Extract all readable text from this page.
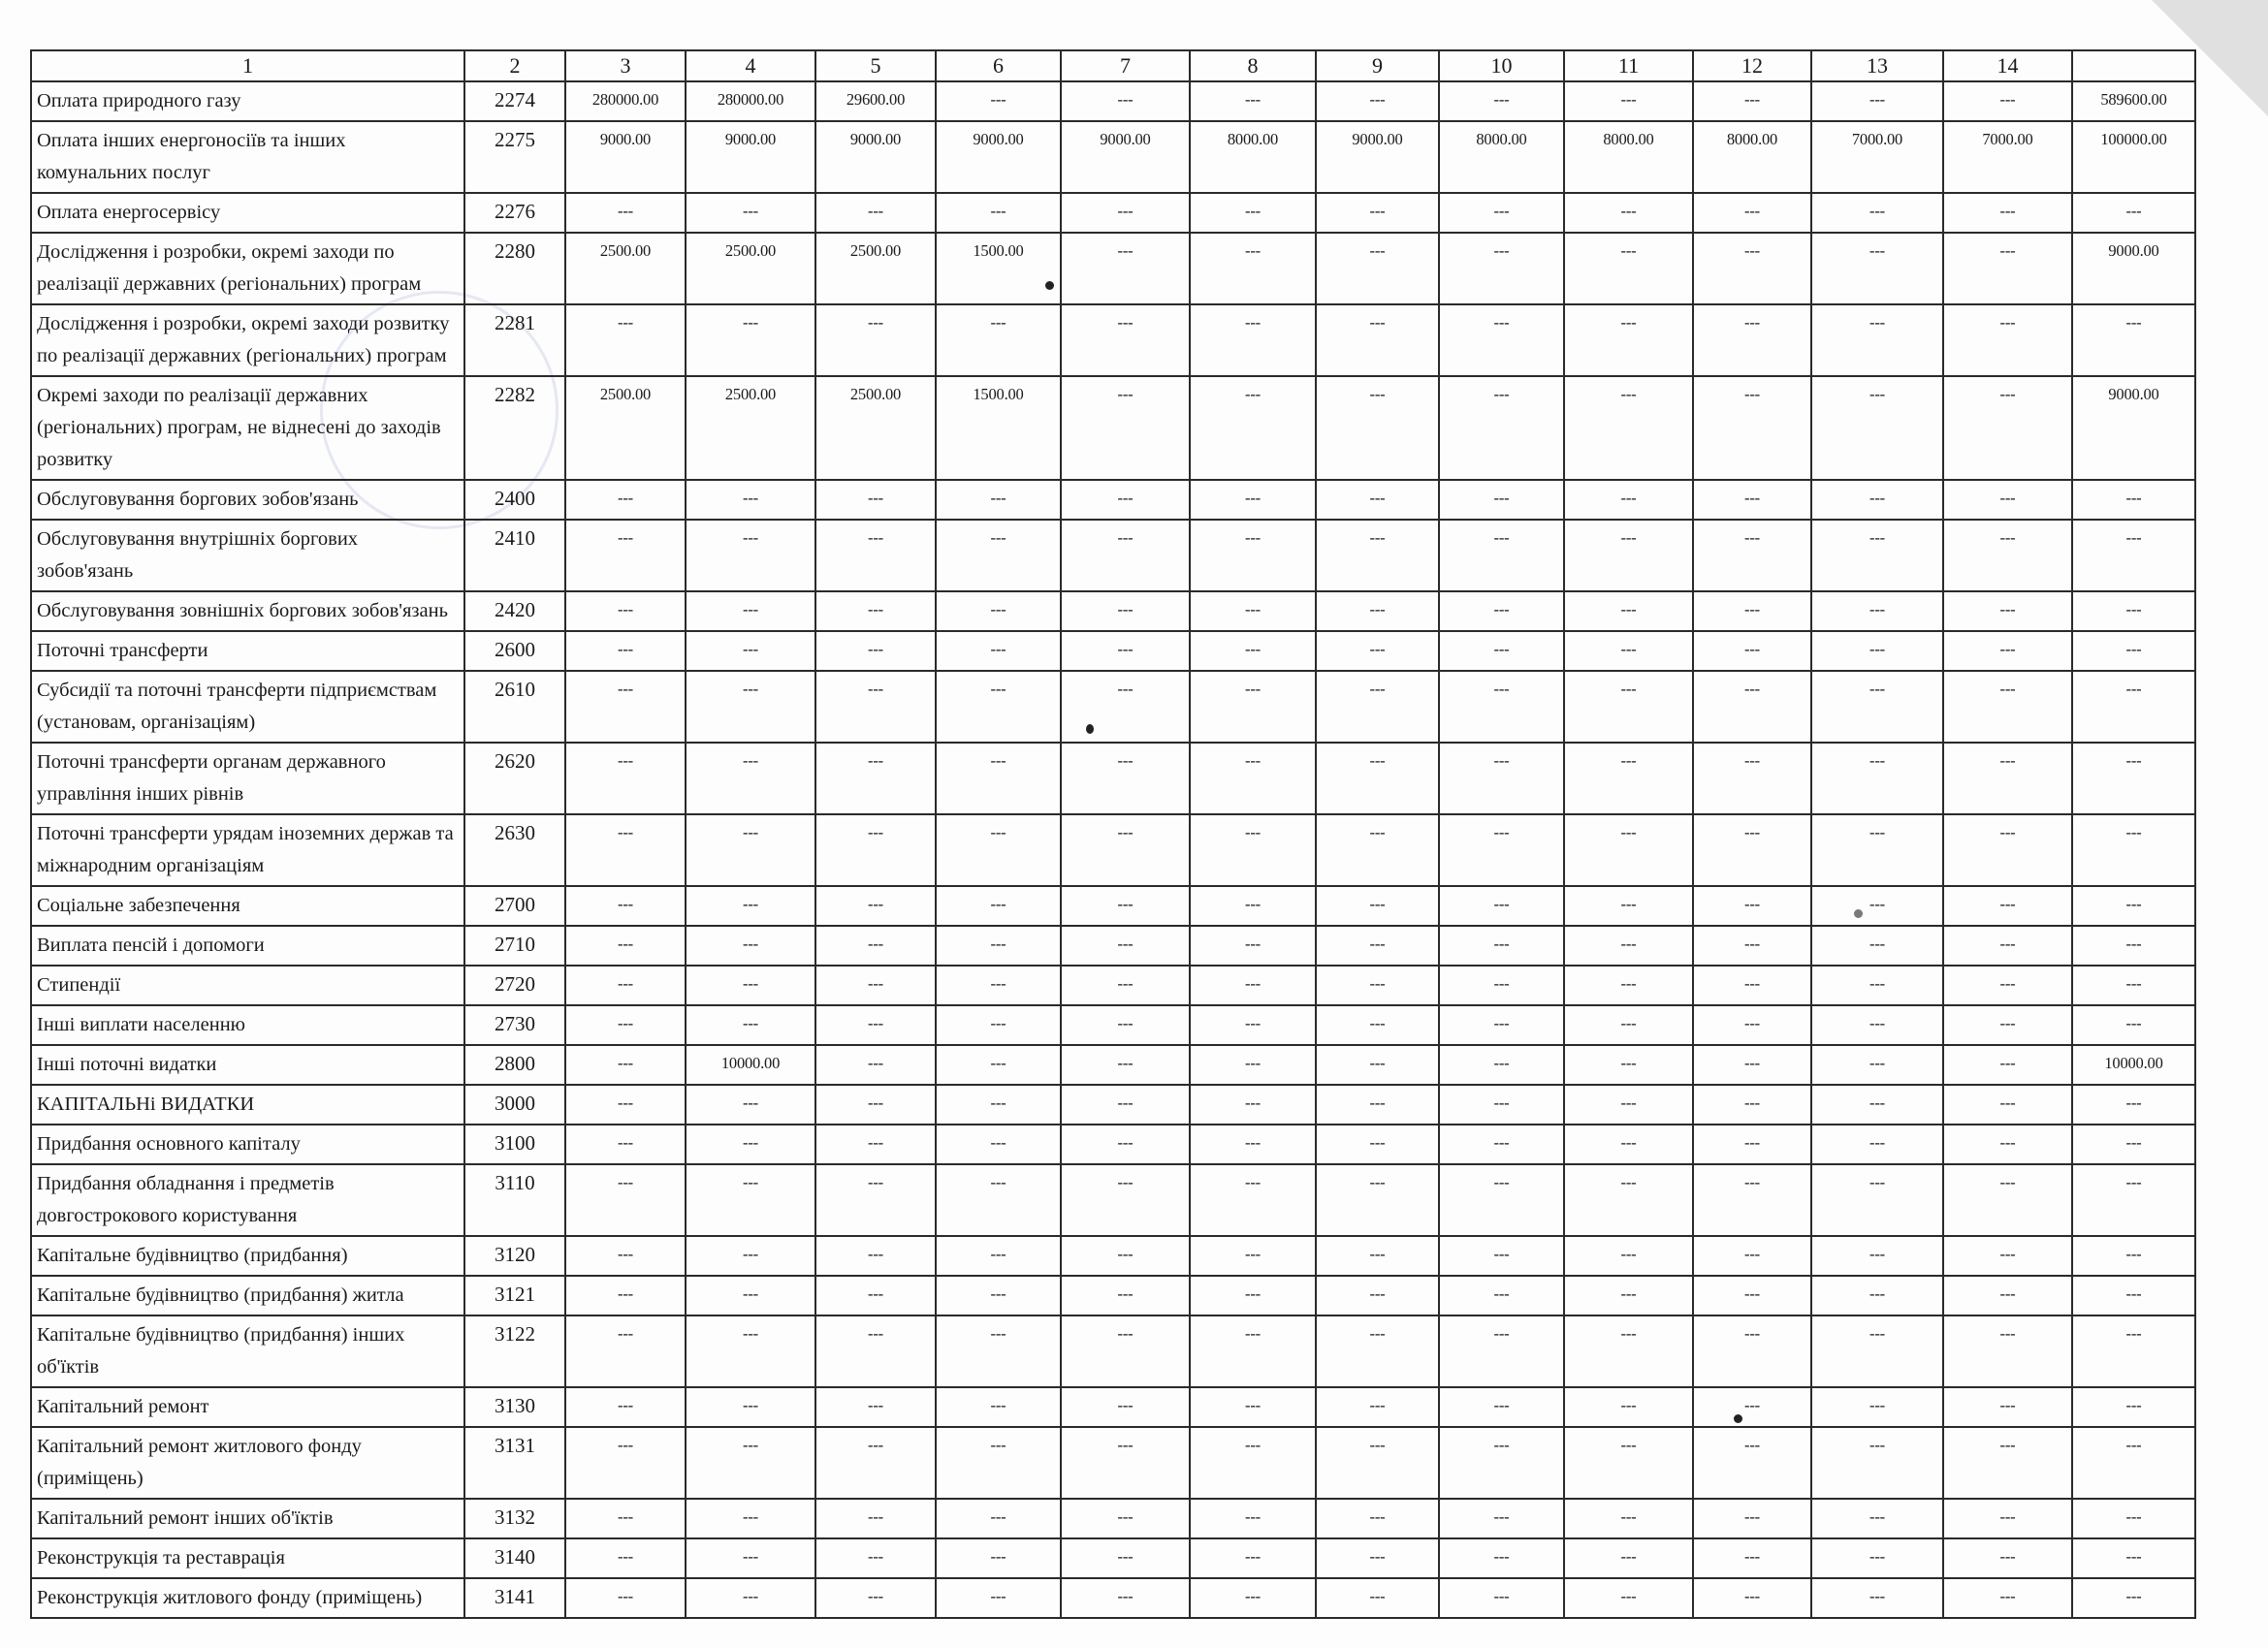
1	2	3	4	5	6	7	8	9	10	11	12	13	14	
Оплата природного газу	2274	280000.00	280000.00	29600.00	---	---	---	---	---	---	---	---	---	589600.00
Оплата інших енергоносіїв та інших комунальних послуг	2275	9000.00	9000.00	9000.00	9000.00	9000.00	8000.00	9000.00	8000.00	8000.00	8000.00	7000.00	7000.00	100000.00
Оплата енергосервісу	2276	---	---	---	---	---	---	---	---	---	---	---	---	---
Дослідження і розробки, окремі заходи по реалізації державних (регіональних) програм	2280	2500.00	2500.00	2500.00	1500.00	---	---	---	---	---	---	---	---	9000.00
Дослідження і розробки, окремі заходи розвитку по реалізації державних (регіональних) програм	2281	---	---	---	---	---	---	---	---	---	---	---	---	---
Окремі заходи по реалізації державних (регіональних) програм, не віднесені до заходів розвитку	2282	2500.00	2500.00	2500.00	1500.00	---	---	---	---	---	---	---	---	9000.00
Обслуговування боргових зобов'язань	2400	---	---	---	---	---	---	---	---	---	---	---	---	---
Обслуговування внутрішніх боргових зобов'язань	2410	---	---	---	---	---	---	---	---	---	---	---	---	---
Обслуговування зовнішніх боргових зобов'язань	2420	---	---	---	---	---	---	---	---	---	---	---	---	---
Поточні трансферти	2600	---	---	---	---	---	---	---	---	---	---	---	---	---
Субсидії та поточні трансферти підприємствам (установам, організаціям)	2610	---	---	---	---	---	---	---	---	---	---	---	---	---
Поточні трансферти органам державного управління інших рівнів	2620	---	---	---	---	---	---	---	---	---	---	---	---	---
Поточні трансферти урядам іноземних держав та міжнародним організаціям	2630	---	---	---	---	---	---	---	---	---	---	---	---	---
Соціальне забезпечення	2700	---	---	---	---	---	---	---	---	---	---	---	---	---
Виплата пенсій і допомоги	2710	---	---	---	---	---	---	---	---	---	---	---	---	---
Стипендії	2720	---	---	---	---	---	---	---	---	---	---	---	---	---
Інші виплати населенню	2730	---	---	---	---	---	---	---	---	---	---	---	---	---
Інші поточні видатки	2800	---	10000.00	---	---	---	---	---	---	---	---	---	---	10000.00
КАПІТАЛЬНі ВИДАТКИ	3000	---	---	---	---	---	---	---	---	---	---	---	---	---
Придбання основного капіталу	3100	---	---	---	---	---	---	---	---	---	---	---	---	---
Придбання обладнання і предметів довгострокового користування	3110	---	---	---	---	---	---	---	---	---	---	---	---	---
Капітальне будівництво (придбання)	3120	---	---	---	---	---	---	---	---	---	---	---	---	---
Капітальне будівництво (придбання) житла	3121	---	---	---	---	---	---	---	---	---	---	---	---	---
Капітальне будівництво (придбання) інших об'їктів	3122	---	---	---	---	---	---	---	---	---	---	---	---	---
Капітальний ремонт	3130	---	---	---	---	---	---	---	---	---	---	---	---	---
Капітальний ремонт житлового фонду (приміщень)	3131	---	---	---	---	---	---	---	---	---	---	---	---	---
Капітальний ремонт інших об'їктів	3132	---	---	---	---	---	---	---	---	---	---	---	---	---
Реконструкція та реставрація	3140	---	---	---	---	---	---	---	---	---	---	---	---	---
Реконструкція житлового фонду (приміщень)	3141	---	---	---	---	---	---	---	---	---	---	---	---	---
